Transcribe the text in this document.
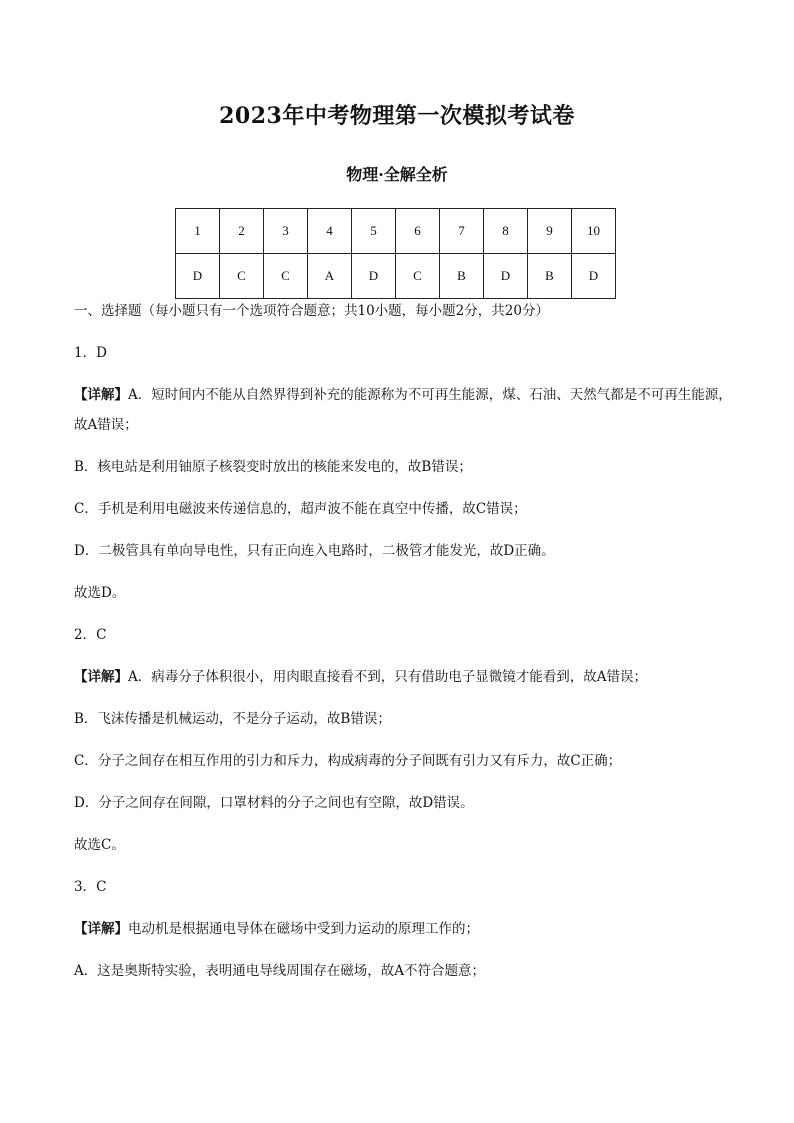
2023年中考物理第一次模拟考试卷
物理·全解全析
1	2	3	4	5	6	7	8	9	10
D	C	C	A	D	C	B	D	B	D
一、选择题（每小题只有一个选项符合题意；共10小题，每小题2分，共20分）
1．D
【详解】A．短时间内不能从自然界得到补充的能源称为不可再生能源，煤、石油、天然气都是不可再生能源，故A错误；
B．核电站是利用铀原子核裂变时放出的核能来发电的，故B错误；
C．手机是利用电磁波来传递信息的，超声波不能在真空中传播，故C错误；
D．二极管具有单向导电性，只有正向连入电路时，二极管才能发光，故D正确。
故选D。
2．C
【详解】A．病毒分子体积很小，用肉眼直接看不到，只有借助电子显微镜才能看到，故A错误；
B．飞沫传播是机械运动，不是分子运动，故B错误；
C．分子之间存在相互作用的引力和斥力，构成病毒的分子间既有引力又有斥力，故C正确；
D．分子之间存在间隙，口罩材料的分子之间也有空隙，故D错误。
故选C。
3．C
【详解】电动机是根据通电导体在磁场中受到力运动的原理工作的；
A．这是奥斯特实验，表明通电导线周围存在磁场，故A不符合题意；
